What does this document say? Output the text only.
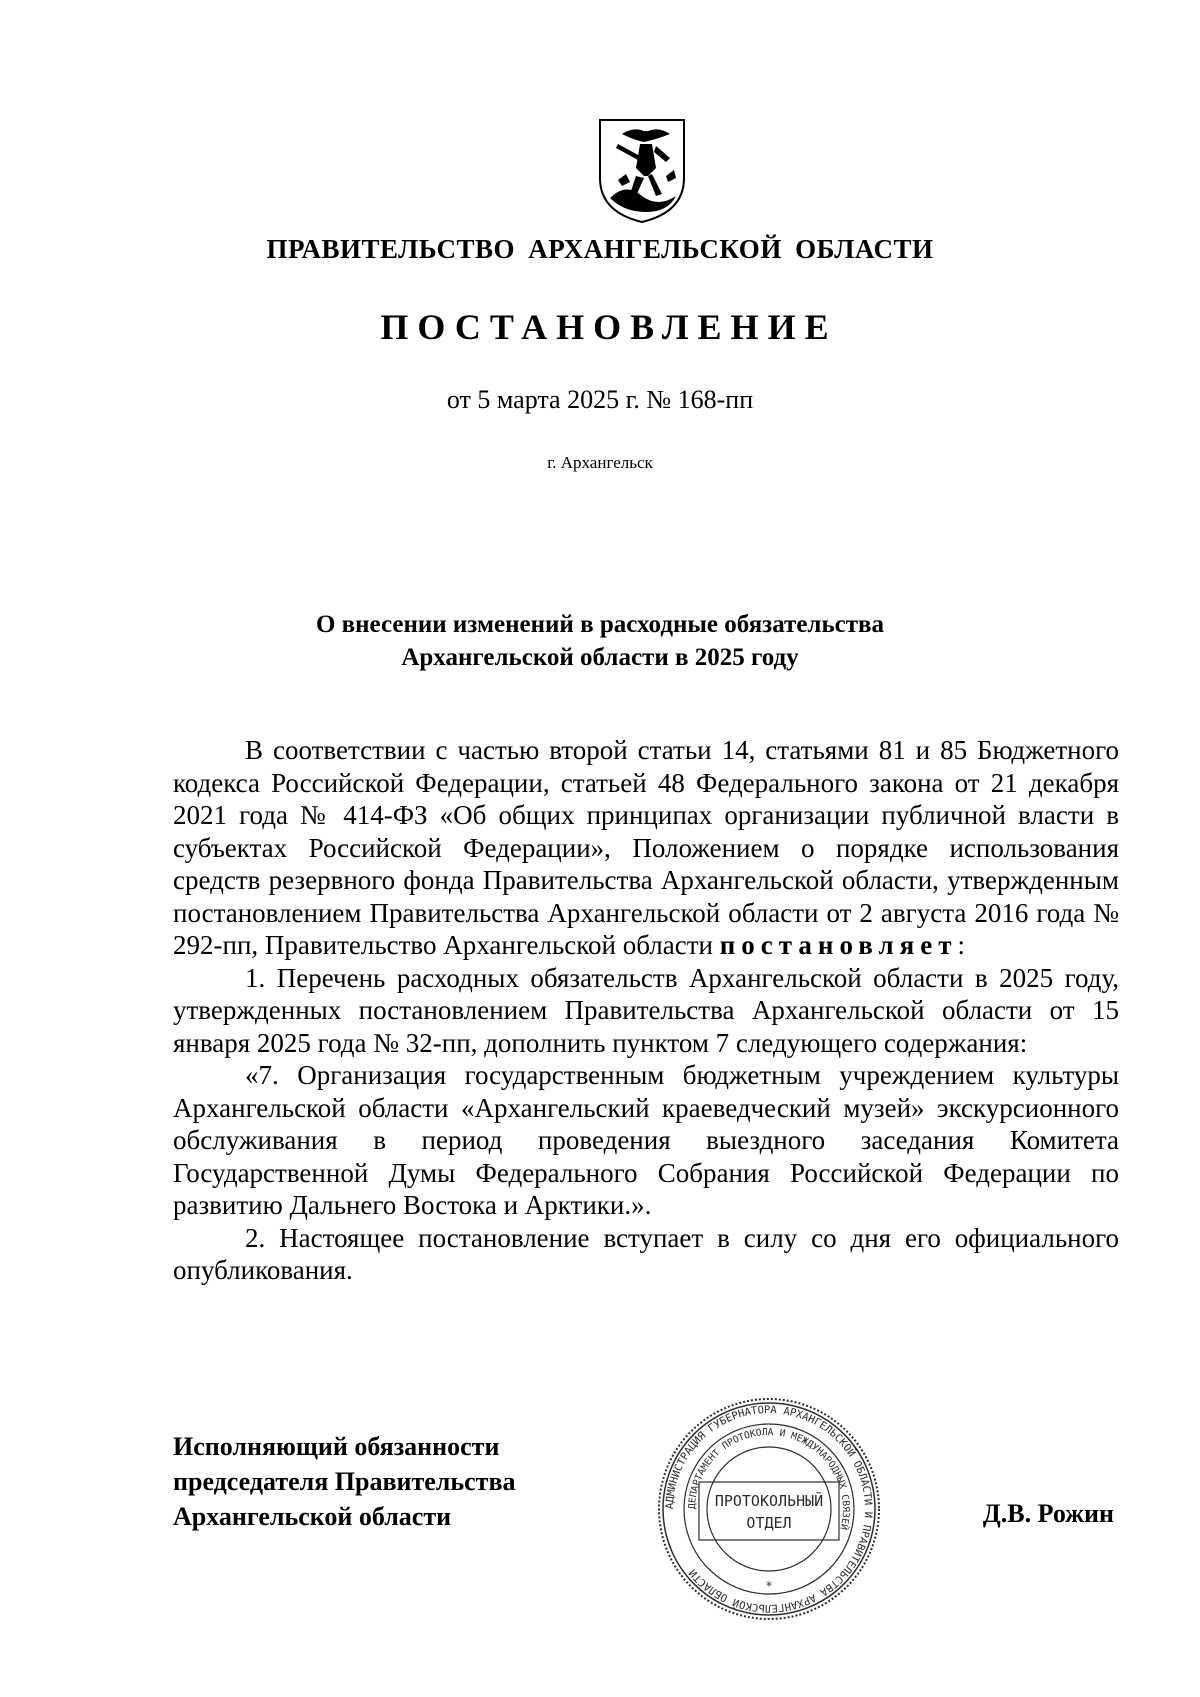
ПРАВИТЕЛЬСТВО АРХАНГЕЛЬСКОЙ ОБЛАСТИ
ПОСТАНОВЛЕНИЕ
от 5 марта 2025 г. № 168-пп
г. Архангельск
О внесении изменений в расходные обязательства
Архангельской области в 2025 году

В соответствии с частью второй статьи 14, статьями 81 и 85 Бюджетного кодекса Российской Федерации, статьей 48 Федерального закона от 21 декабря 2021 года № 414-ФЗ «Об общих принципах организации публичной власти в субъектах Российской Федерации», Положением о порядке использования средств резервного фонда Правительства Архангельской области, утвержденным постановлением Правительства Архангельской области от 2 августа 2016 года № 292-пп, Правительство Архангельской области постановляет:

1. Перечень расходных обязательств Архангельской области в 2025 году, утвержденных постановлением Правительства Архангельской области от 15 января 2025 года № 32-пп, дополнить пунктом 7 следующего содержания:

«7. Организация государственным бюджетным учреждением культуры Архангельской области «Архангельский краеведческий музей» экскурсионного обслуживания в период проведения выездного заседания Комитета Государственной Думы Федерального Собрания Российской Федерации по развитию Дальнего Востока и Арктики.».

2. Настоящее постановление вступает в силу со дня его официального опубликования.

Исполняющий обязанности
председателя Правительства
Архангельской области	АДМИНИСТРАЦИЯ ГУБЕРНАТОРА АРХАНГЕЛЬСКОЙ ОБЛАСТИ И ПРАВИТЕЛЬСТВА АРХАНГЕЛЬСКОЙ ОБЛАСТИ
ДЕПАРТАМЕНТ ПРОТОКОЛА И МЕЖДУНАРОДНЫХ СВЯЗЕЙ
ПРОТОКОЛЬНЫЙ
ОТДЕЛ
*
Д.В. Рожин
